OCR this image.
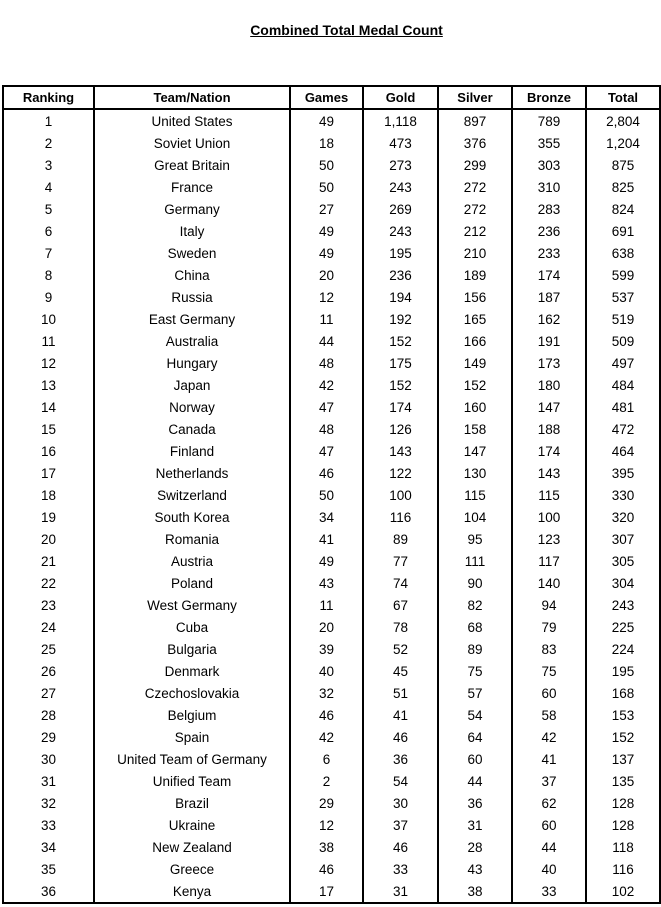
Combined Total Medal Count
Ranking	Team/Nation	Games	Gold	Silver	Bronze	Total
1	United States	49	1,118	897	789	2,804
2	Soviet Union	18	473	376	355	1,204
3	Great Britain	50	273	299	303	875
4	France	50	243	272	310	825
5	Germany	27	269	272	283	824
6	Italy	49	243	212	236	691
7	Sweden	49	195	210	233	638
8	China	20	236	189	174	599
9	Russia	12	194	156	187	537
10	East Germany	11	192	165	162	519
11	Australia	44	152	166	191	509
12	Hungary	48	175	149	173	497
13	Japan	42	152	152	180	484
14	Norway	47	174	160	147	481
15	Canada	48	126	158	188	472
16	Finland	47	143	147	174	464
17	Netherlands	46	122	130	143	395
18	Switzerland	50	100	115	115	330
19	South Korea	34	116	104	100	320
20	Romania	41	89	95	123	307
21	Austria	49	77	111	117	305
22	Poland	43	74	90	140	304
23	West Germany	11	67	82	94	243
24	Cuba	20	78	68	79	225
25	Bulgaria	39	52	89	83	224
26	Denmark	40	45	75	75	195
27	Czechoslovakia	32	51	57	60	168
28	Belgium	46	41	54	58	153
29	Spain	42	46	64	42	152
30	United Team of Germany	6	36	60	41	137
31	Unified Team	2	54	44	37	135
32	Brazil	29	30	36	62	128
33	Ukraine	12	37	31	60	128
34	New Zealand	38	46	28	44	118
35	Greece	46	33	43	40	116
36	Kenya	17	31	38	33	102
